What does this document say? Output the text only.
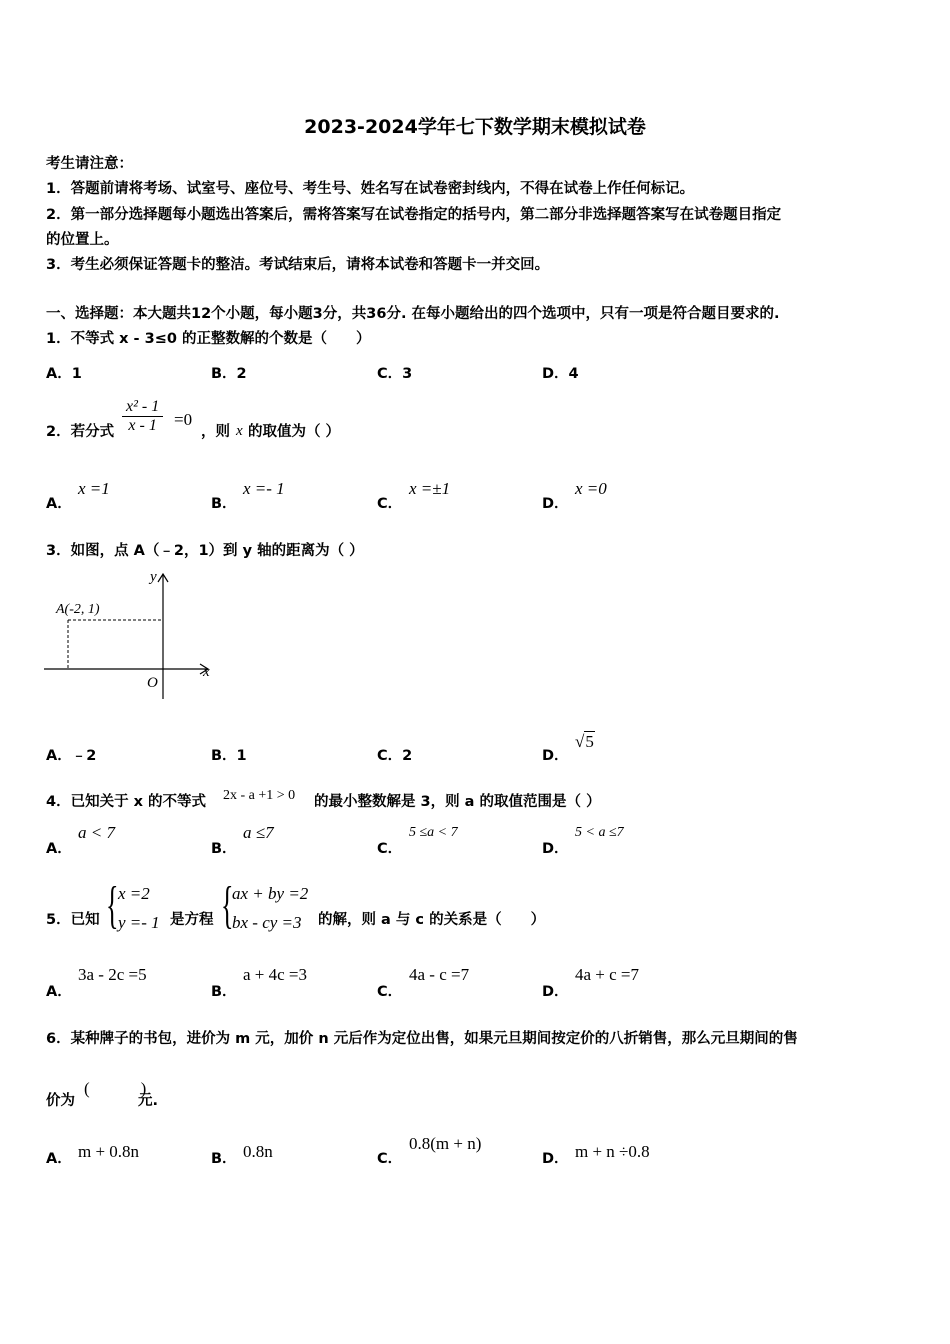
2023-2024学年七下数学期末模拟试卷
考生请注意：
1．答题前请将考场、试室号、座位号、考生号、姓名写在试卷密封线内，不得在试卷上作任何标记。
2．第一部分选择题每小题选出答案后，需将答案写在试卷指定的括号内，第二部分非选择题答案写在试卷题目指定
的位置上。
3．考生必须保证答题卡的整洁。考试结束后，请将本试卷和答题卡一并交回。
一、选择题：本大题共12个小题，每小题3分，共36分. 在每小题给出的四个选项中，只有一项是符合题目要求的.
1．不等式 x - 3≤0 的正整数解的个数是（　　）
A．1	B．2	C．3	D．4
2．若分式 $\frac{\text{x² - 1}}{x - 1} =0$
，则 x 的取值为（ ）
A．
x =1
B．
x =- 1
C．
x =±1
D．
x =0
3．如图，点 A（﹣2，1）到 y 轴的距离为（ ）
A(-2, 1)
y
x
O
A．﹣2	B．1	C．2	D．
√5
4．已知关于 x 的不等式 2x - a +1 > 0 的最小整数解是 3，则 a 的取值范围是（ ）
A．
a < 7
B．
a ≤7
C．
5 ≤a < 7
D．
5 < a ≤7
5．已知 { x =2
y =- 1 是方程 {
ax + by =2
bx - cy =3	的解，则 a 与 c 的关系是（　　）
A．
3a - 2c =5
B．
a + 4c =3
C．
4a - c =7
D．
4a + c =7
6．某种牌子的书包，进价为 m 元，加价 n 元后作为定位出售，如果元旦期间按定价的八折销售，那么元旦期间的售
价为
(　　　)
元.
A． m + 0.8n	B． 0.8n	C．
0.8(m + n)
D． m + n ÷0.8
